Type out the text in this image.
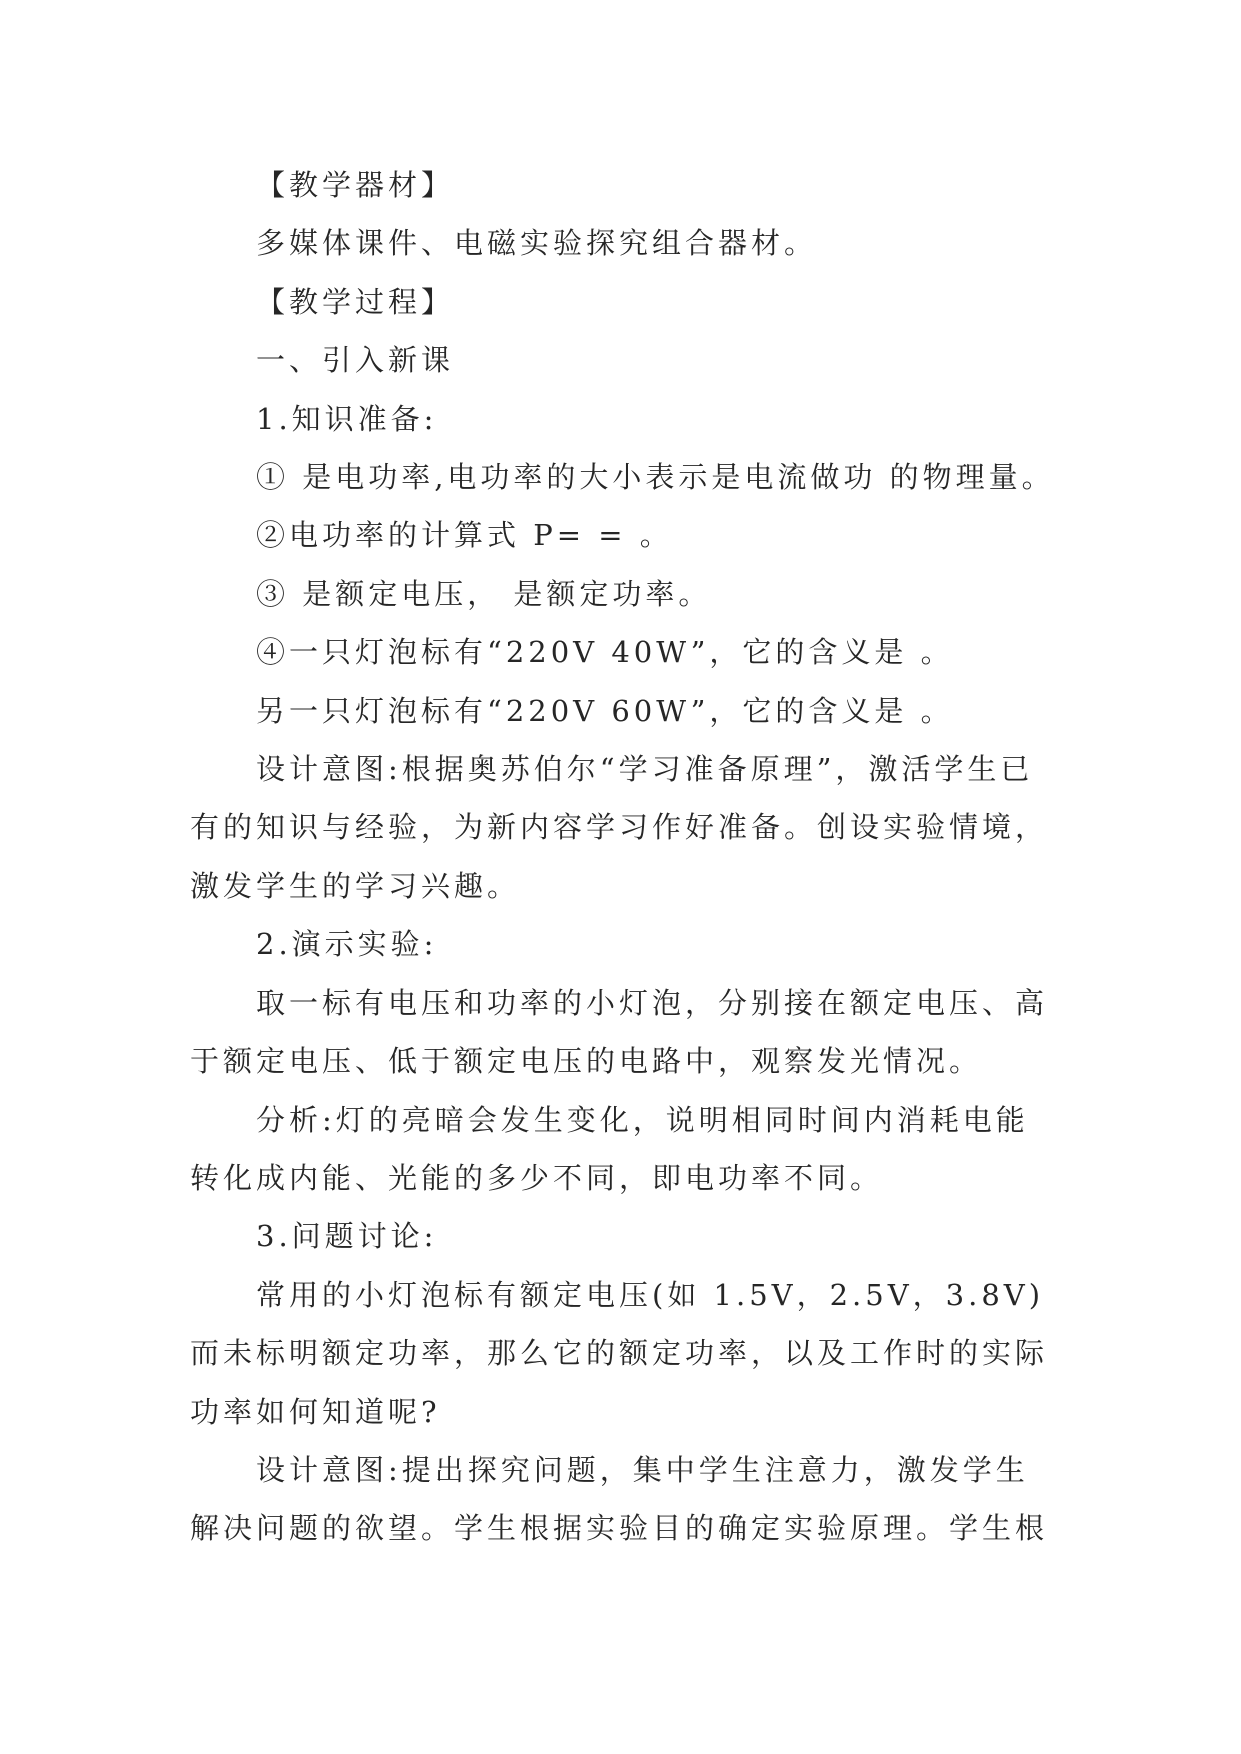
【教学器材】

多媒体课件、电磁实验探究组合器材。

【教学过程】

一、引入新课

1.知识准备:

① 是电功率,电功率的大小表示是电流做功 的物理量。

②电功率的计算式 P= = 。

③ 是额定电压， 是额定功率。

④一只灯泡标有“220V 40W”，它的含义是 。

另一只灯泡标有“220V 60W”，它的含义是 。

设计意图:根据奥苏伯尔“学习准备原理”，激活学生已有的知识与经验，为新内容学习作好准备。创设实验情境，激发学生的学习兴趣。

2.演示实验:

取一标有电压和功率的小灯泡，分别接在额定电压、高于额定电压、低于额定电压的电路中，观察发光情况。

分析:灯的亮暗会发生变化，说明相同时间内消耗电能转化成内能、光能的多少不同，即电功率不同。

3.问题讨论:

常用的小灯泡标有额定电压(如 1.5V，2.5V，3.8V)而未标明额定功率，那么它的额定功率，以及工作时的实际功率如何知道呢?

设计意图:提出探究问题，集中学生注意力，激发学生解决问题的欲望。学生根据实验目的确定实验原理。学生根
